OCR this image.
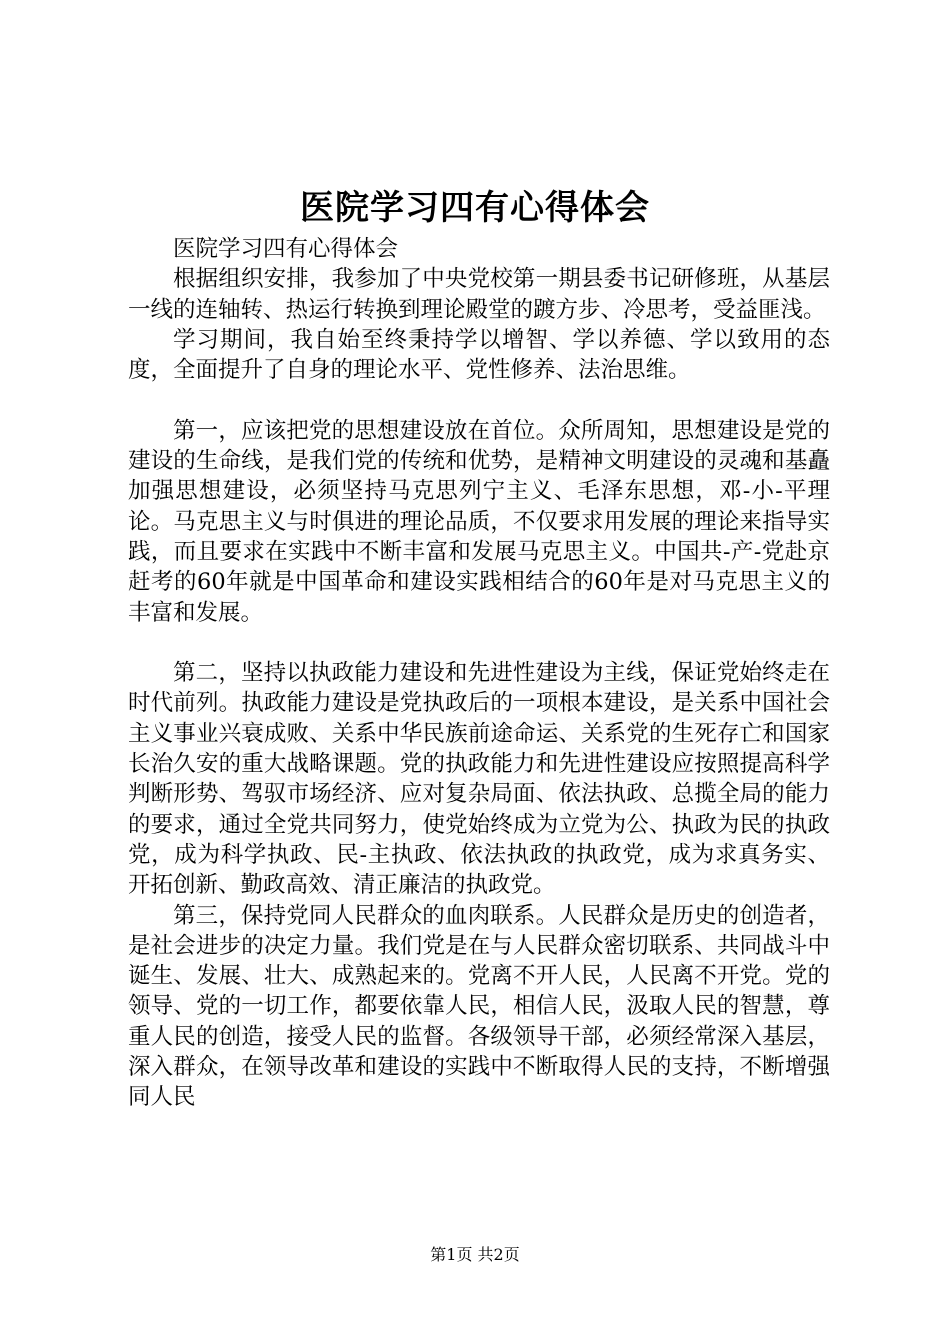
医院学习四有心得体会

医院学习四有心得体会

根据组织安排，我参加了中央党校第一期县委书记研修班，从基层一线的连轴转、热运行转换到理论殿堂的踱方步、冷思考，受益匪浅。

学习期间，我自始至终秉持学以增智、学以养德、学以致用的态度，全面提升了自身的理论水平、党性修养、法治思维。

第一，应该把党的思想建设放在首位。众所周知，思想建设是党的建设的生命线，是我们党的传统和优势，是精神文明建设的灵魂和基矗加强思想建设，必须坚持马克思列宁主义、毛泽东思想，邓-小-平理论。马克思主义与时俱进的理论品质，不仅要求用发展的理论来指导实践，而且要求在实践中不断丰富和发展马克思主义。中国共-产-党赴京赶考的60年就是中国革命和建设实践相结合的60年是对马克思主义的丰富和发展。

第二，坚持以执政能力建设和先进性建设为主线，保证党始终走在时代前列。执政能力建设是党执政后的一项根本建设，是关系中国社会主义事业兴衰成败、关系中华民族前途命运、关系党的生死存亡和国家长治久安的重大战略课题。党的执政能力和先进性建设应按照提高科学判断形势、驾驭市场经济、应对复杂局面、依法执政、总揽全局的能力的要求，通过全党共同努力，使党始终成为立党为公、执政为民的执政党，成为科学执政、民-主执政、依法执政的执政党，成为求真务实、开拓创新、勤政高效、清正廉洁的执政党。

第三，保持党同人民群众的血肉联系。人民群众是历史的创造者，是社会进步的决定力量。我们党是在与人民群众密切联系、共同战斗中诞生、发展、壮大、成熟起来的。党离不开人民，人民离不开党。党的领导、党的一切工作，都要依靠人民，相信人民，汲取人民的智慧，尊重人民的创造，接受人民的监督。各级领导干部，必须经常深入基层，深入群众，在领导改革和建设的实践中不断取得人民的支持，不断增强同人民

第1页 共2页
